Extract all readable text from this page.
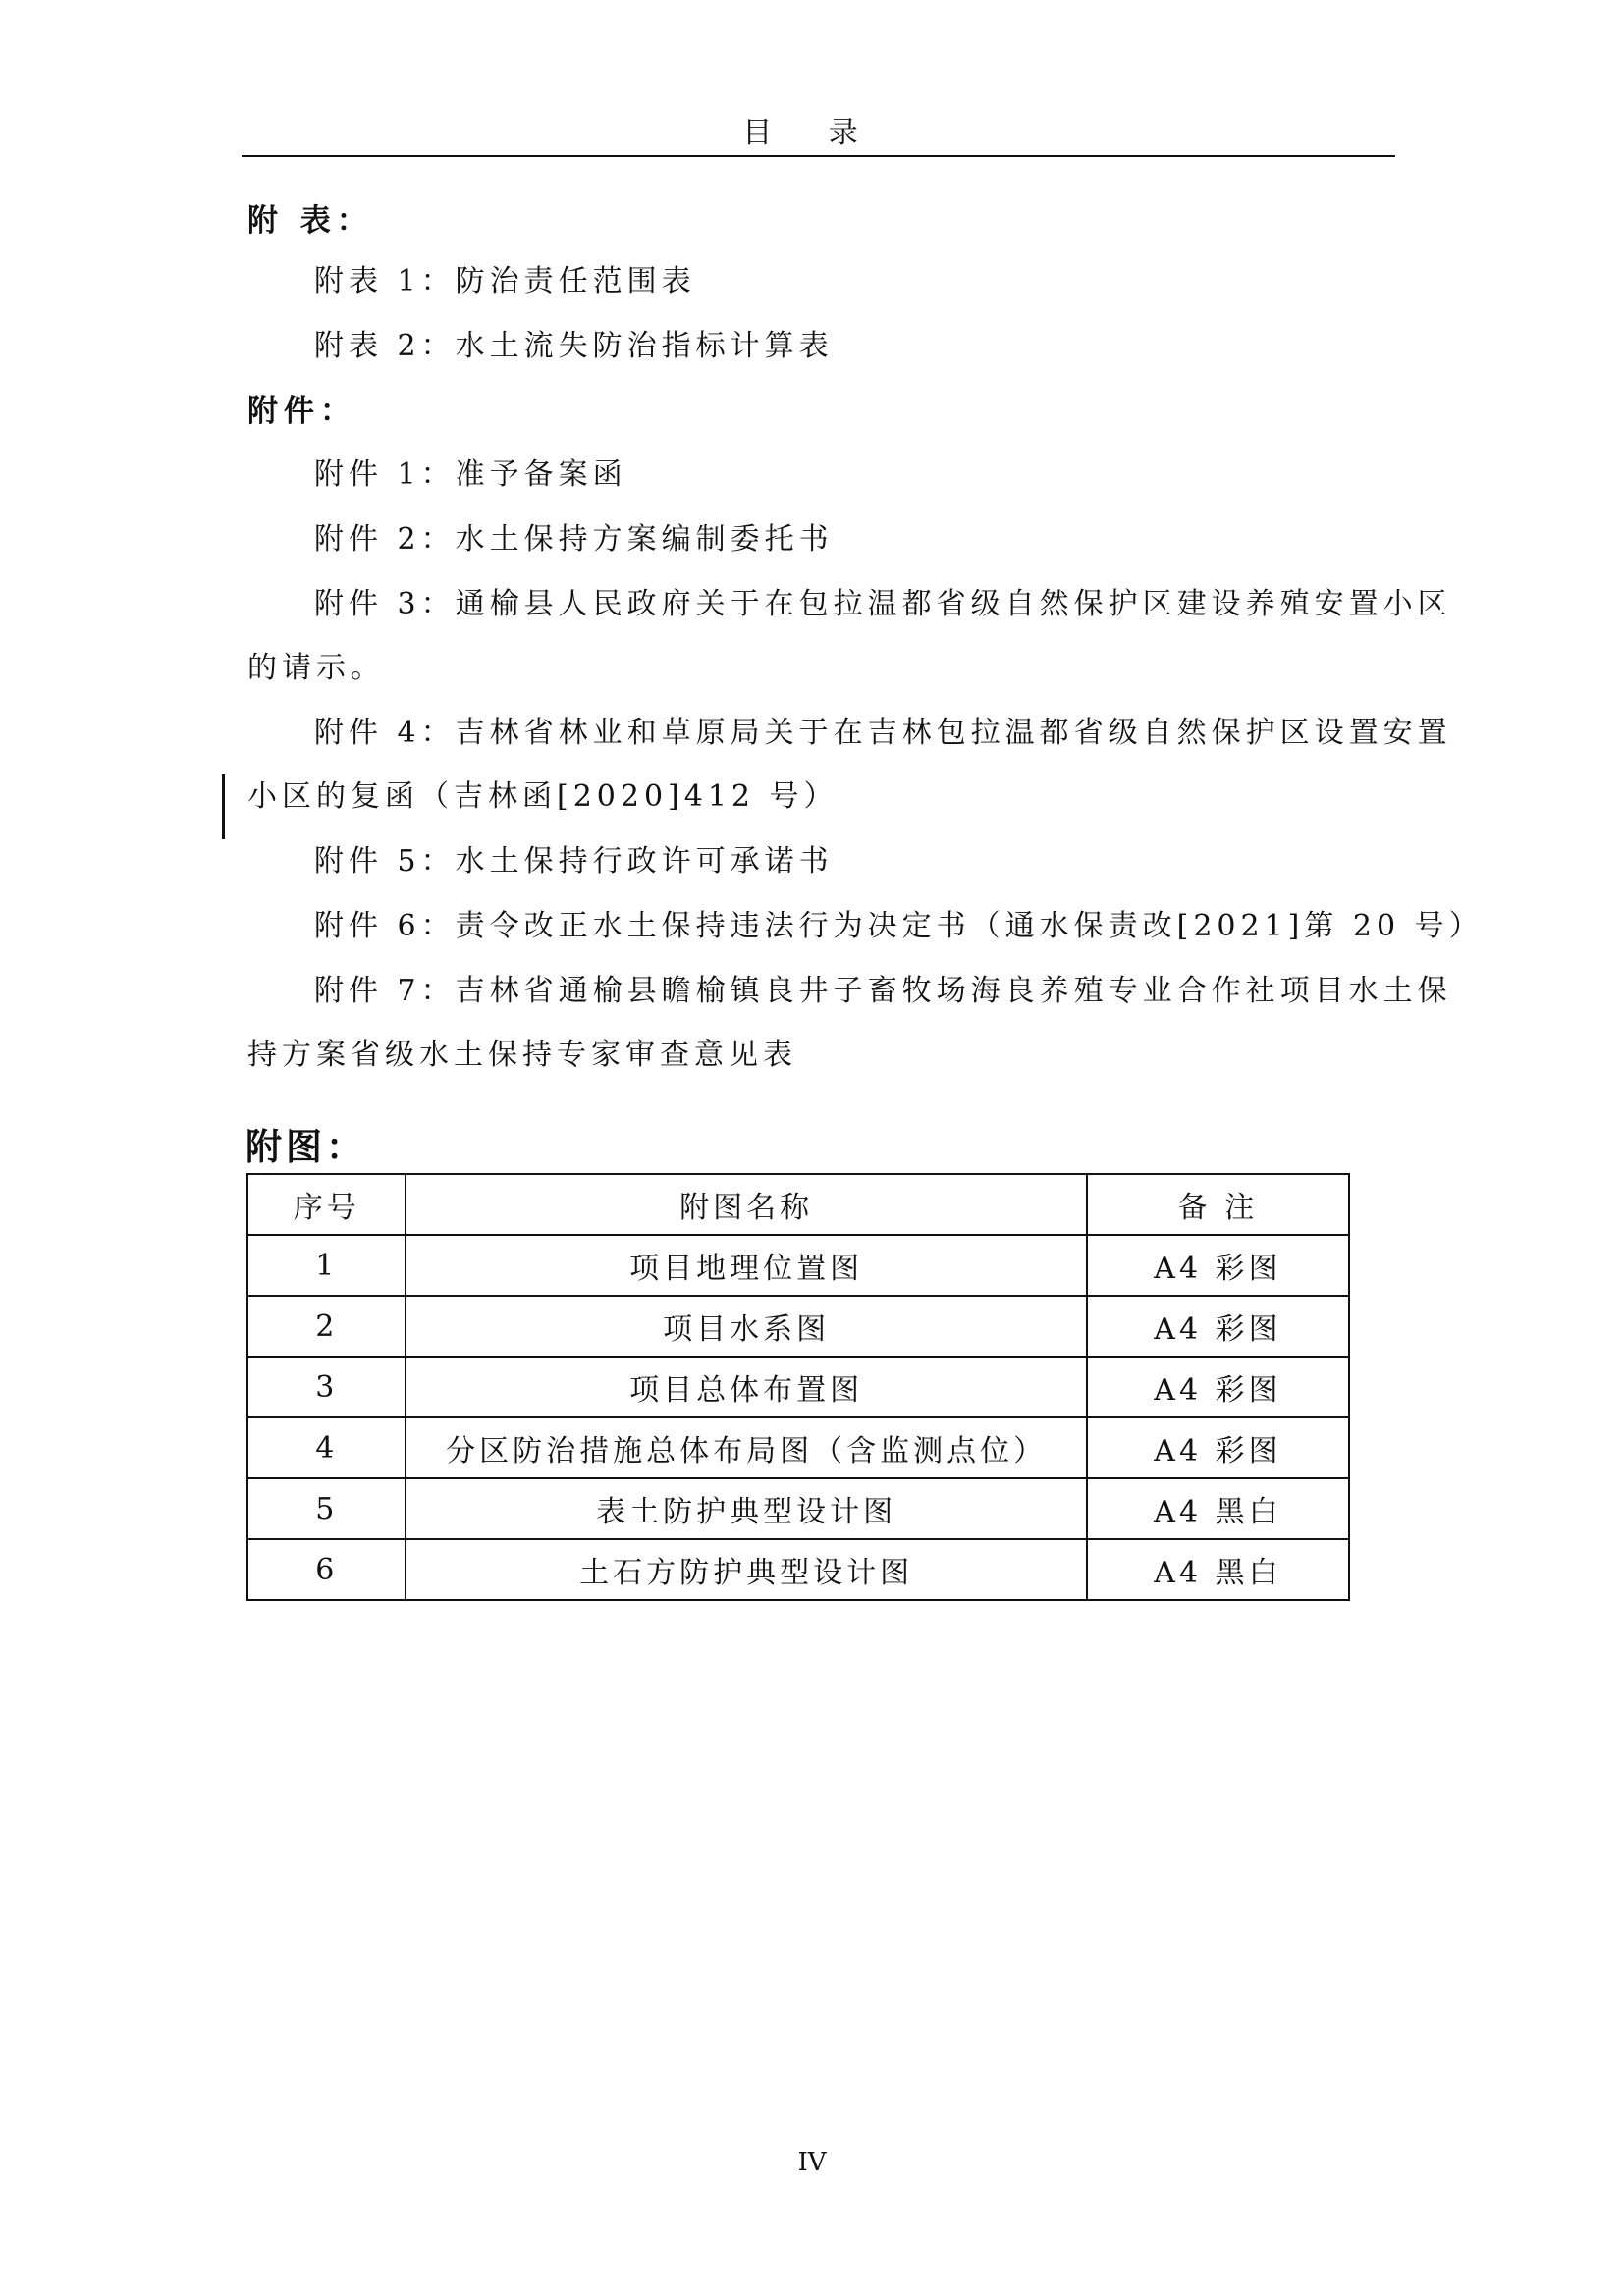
目 录
附 表：
附表 1：防治责任范围表
附表 2：水土流失防治指标计算表
附件：
附件 1：准予备案函
附件 2：水土保持方案编制委托书
附件 3：通榆县人民政府关于在包拉温都省级自然保护区建设养殖安置小区
的请示。
附件 4：吉林省林业和草原局关于在吉林包拉温都省级自然保护区设置安置
小区的复函（吉林函[2020]412 号）
附件 5：水土保持行政许可承诺书
附件 6：责令改正水土保持违法行为决定书（通水保责改[2021]第 20 号）
附件 7：吉林省通榆县瞻榆镇良井子畜牧场海良养殖专业合作社项目水土保
持方案省级水土保持专家审查意见表
附图：
序号	附图名称	备 注
1	项目地理位置图	A4 彩图
2	项目水系图	A4 彩图
3	项目总体布置图	A4 彩图
4	分区防治措施总体布局图（含监测点位）	A4 彩图
5	表土防护典型设计图	A4 黑白
6	土石方防护典型设计图	A4 黑白
IV
